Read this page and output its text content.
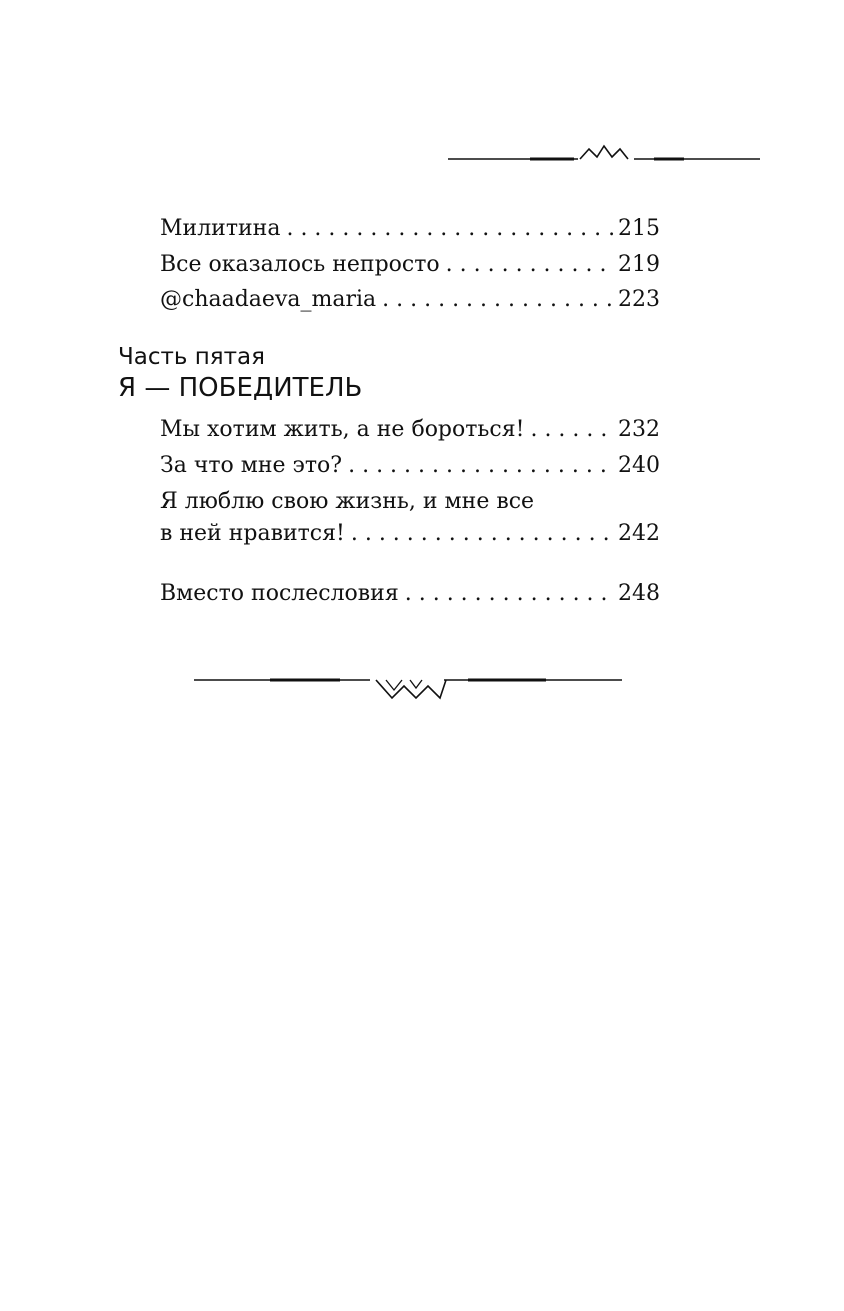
Милитина . . .	215
Все оказалось непросто . . .	219
@chaadaeva_maria . . .	223
Часть пятая
Я — ПОБЕДИТЕЛЬ
Мы хотим жить, а не бороться! . . .	232
За что мне это? . . .	240
Я люблю свою жизнь, и мне все
в ней нравится! . . .	242
Вместо послесловия . . .	248
